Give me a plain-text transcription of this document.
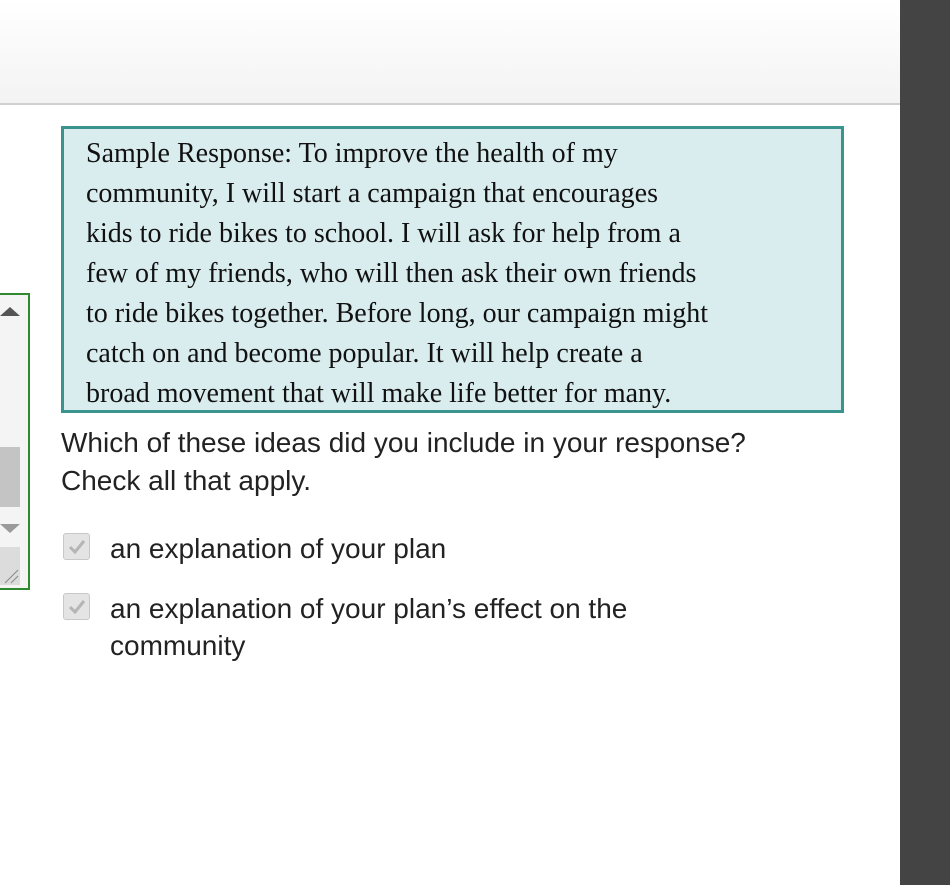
Sample Response: To improve the health of my
community, I will start a campaign that encourages
kids to ride bikes to school. I will ask for help from a
few of my friends, who will then ask their own friends
to ride bikes together. Before long, our campaign might
catch on and become popular. It will help create a
broad movement that will make life better for many.
Which of these ideas did you include in your response?
Check all that apply.
an explanation of your plan
an explanation of your plan’s effect on the
community
